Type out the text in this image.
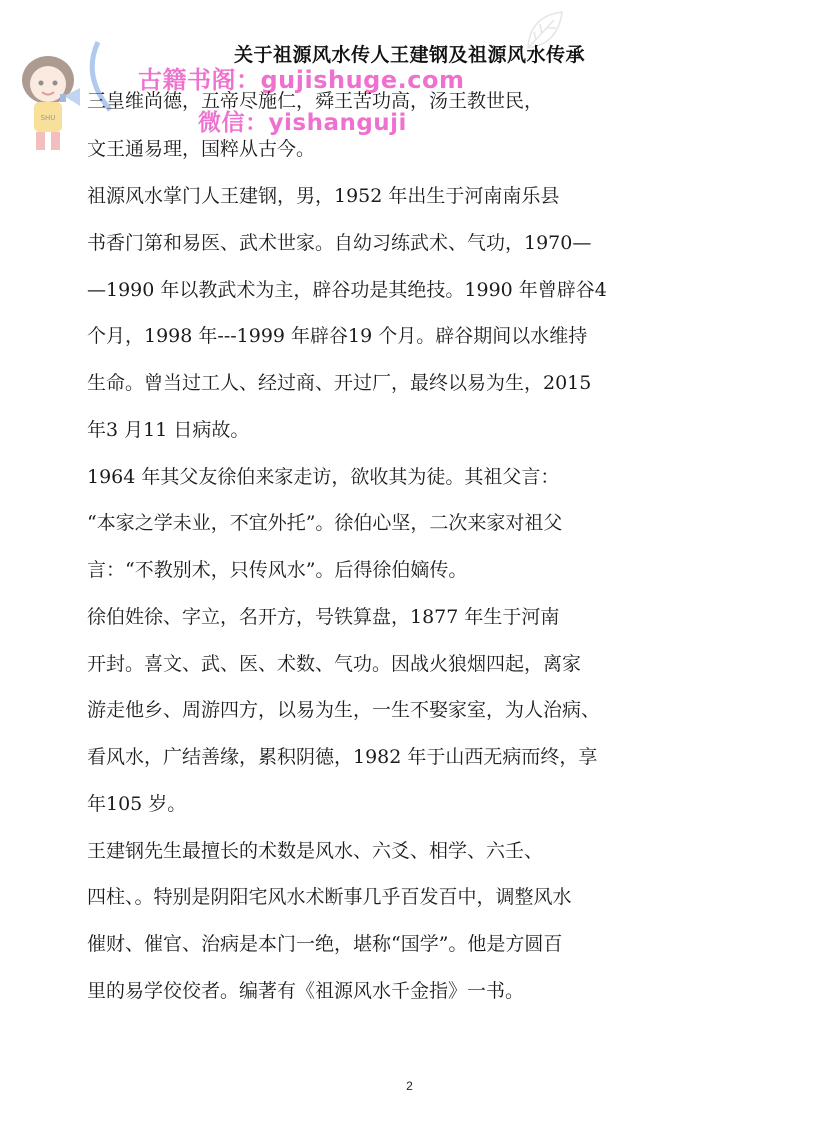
SHU
关于祖源风水传人王建钢及祖源风水传承
古籍书阁：gujishuge.com
微信：yishanguji
三皇维尚德，五帝尽施仁，舜王苦功高，汤王教世民，
文王通易理，国粹从古今。
祖源风水掌门人王建钢，男，1952 年出生于河南南乐县
书香门第和易医、武术世家。自幼习练武术、气功，1970—
—1990 年以教武术为主，辟谷功是其绝技。1990 年曾辟谷4
个月，1998 年---1999 年辟谷19 个月。辟谷期间以水维持
生命。曾当过工人、经过商、开过厂，最终以易为生，2015
年3 月11 日病故。
1964 年其父友徐伯来家走访，欲收其为徒。其祖父言：
“本家之学未业，不宜外托”。徐伯心坚，二次来家对祖父
言：“不教别术，只传风水”。后得徐伯嫡传。
徐伯姓徐、字立，名开方，号铁算盘，1877 年生于河南
开封。喜文、武、医、术数、气功。因战火狼烟四起，离家
游走他乡、周游四方，以易为生，一生不娶家室，为人治病、
看风水，广结善缘，累积阴德，1982 年于山西无病而终，享
年105 岁。
王建钢先生最擅长的术数是风水、六爻、相学、六壬、
四柱、。特别是阴阳宅风水术断事几乎百发百中，调整风水
催财、催官、治病是本门一绝，堪称“国学”。他是方圆百
里的易学佼佼者。编著有《祖源风水千金指》一书。
2
